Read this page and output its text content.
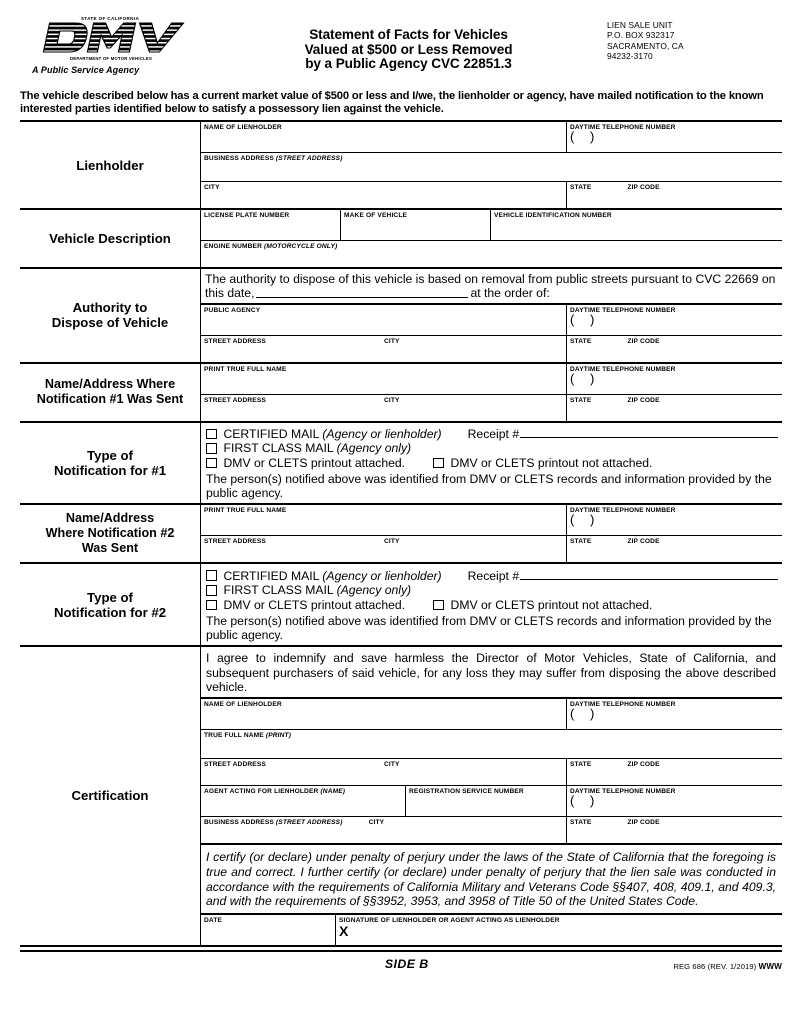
STATE OF CALIFORNIA
DEPARTMENT OF MOTOR VEHICLES
A Public Service Agency
Statement of Facts for Vehicles
Valued at $500 or Less Removed
by a Public Agency CVC 22851.3
LIEN SALE UNIT
P.O. BOX 932317
SACRAMENTO, CA
94232-3170
The vehicle described below has a current market value of $500 or less and I/we, the lienholder or agency, have mailed notification to the known interested parties identified below to satisfy a possessory lien against the vehicle.
Lienholder
NAME OF LIENHOLDER	DAYTIME TELEPHONE NUMBER
( )
BUSINESS ADDRESS (STREET ADDRESS)
CITY	STATE	ZIP CODE
Vehicle Description
LICENSE PLATE NUMBER	MAKE OF VEHICLE	VEHICLE IDENTIFICATION NUMBER
ENGINE NUMBER (MOTORCYCLE ONLY)
Authority to
Dispose of Vehicle
The authority to dispose of this vehicle is based on removal from public streets pursuant to CVC 22669 on this date,	at the order of:
PUBLIC AGENCY	DAYTIME TELEPHONE NUMBER
( )
STREET ADDRESS	CITY	STATE	ZIP CODE
Name/Address Where
Notification #1 Was Sent
PRINT TRUE FULL NAME	DAYTIME TELEPHONE NUMBER
( )
STREET ADDRESS	CITY	STATE	ZIP CODE
Type of
Notification for #1
CERTIFIED MAIL (Agency or lienholder) Receipt #
FIRST CLASS MAIL (Agency only)
DMV or CLETS printout attached.	DMV or CLETS printout not attached.
The person(s) notified above was identified from DMV or CLETS records and information provided by the public agency.
Name/Address
Where Notification #2
Was Sent
PRINT TRUE FULL NAME	DAYTIME TELEPHONE NUMBER
( )
STREET ADDRESS	CITY	STATE	ZIP CODE
Type of
Notification for #2
CERTIFIED MAIL (Agency or lienholder) Receipt #
FIRST CLASS MAIL (Agency only)
DMV or CLETS printout attached.	DMV or CLETS printout not attached.
The person(s) notified above was identified from DMV or CLETS records and information provided by the public agency.
Certification
I agree to indemnify and save harmless the Director of Motor Vehicles, State of California, and subsequent purchasers of said vehicle, for any loss they may suffer from disposing the above described vehicle.
NAME OF LIENHOLDER	DAYTIME TELEPHONE NUMBER
( )
TRUE FULL NAME (PRINT)
STREET ADDRESS	CITY	STATE	ZIP CODE
AGENT ACTING FOR LIENHOLDER (NAME)	REGISTRATION SERVICE NUMBER	DAYTIME TELEPHONE NUMBER
( )
BUSINESS ADDRESS (STREET ADDRESS)	CITY	STATE	ZIP CODE
I certify (or declare) under penalty of perjury under the laws of the State of California that the foregoing is true and correct. I further certify (or declare) under penalty of perjury that the lien sale was conducted in accordance with the requirements of California Military and Veterans Code §§407, 408, 409.1, and 409.3, and with the requirements of §§3952, 3953, and 3958 of Title 50 of the United States Code.
DATE	SIGNATURE OF LIENHOLDER OR AGENT ACTING AS LIENHOLDER
X
SIDE B	REG 686 (REV. 1/2019) WWW
